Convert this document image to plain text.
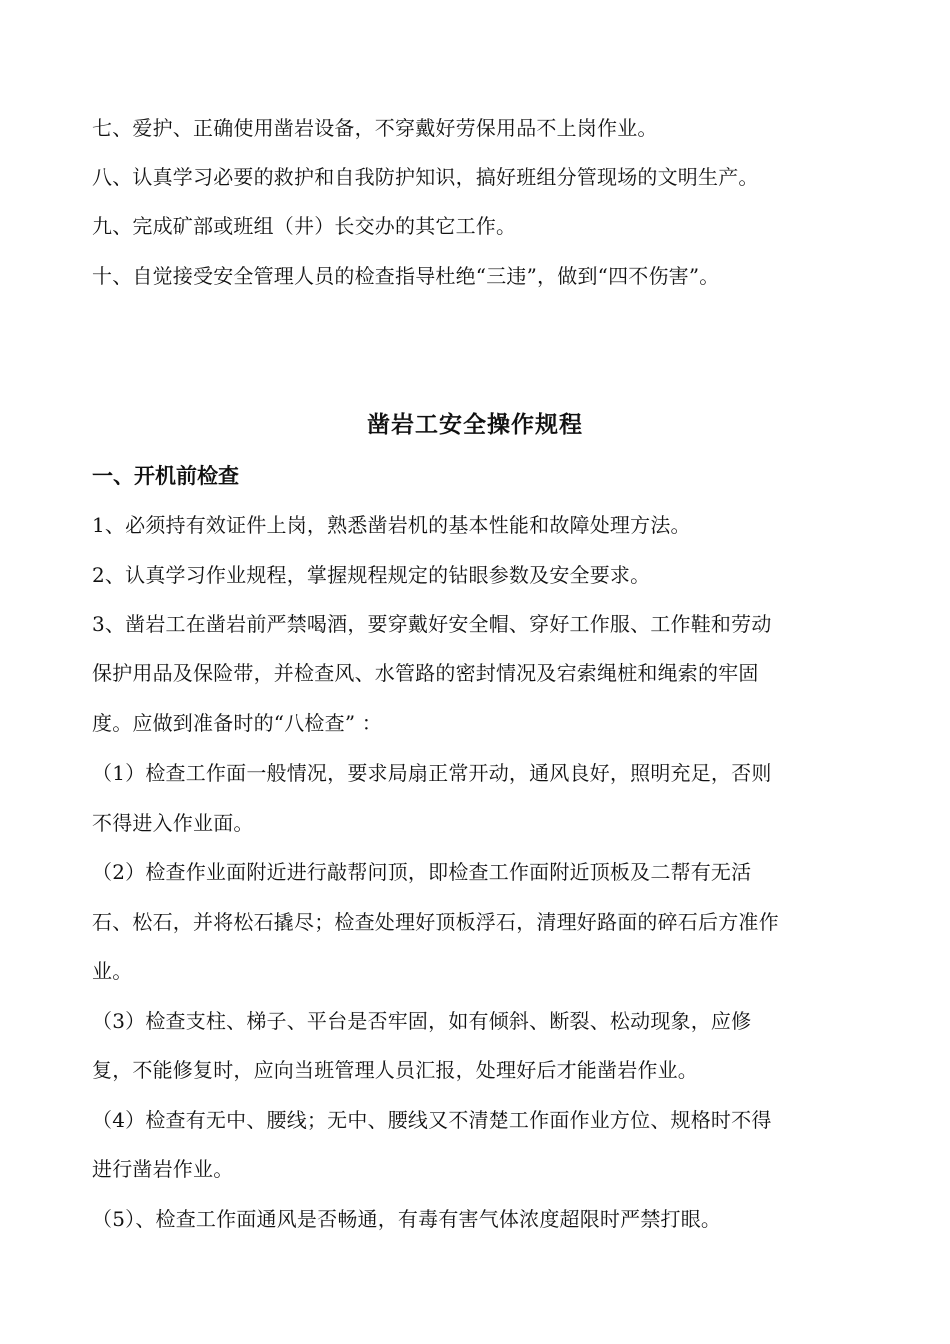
七、爱护、正确使用凿岩设备，不穿戴好劳保用品不上岗作业。
八、认真学习必要的救护和自我防护知识，搞好班组分管现场的文明生产。
九、完成矿部或班组（井）长交办的其它工作。
十、自觉接受安全管理人员的检查指导杜绝“三违”，做到“四不伤害”。
凿岩工安全操作规程
一、开机前检查
1、必须持有效证件上岗，熟悉凿岩机的基本性能和故障处理方法。
2、认真学习作业规程，掌握规程规定的钻眼参数及安全要求。
3、凿岩工在凿岩前严禁喝酒，要穿戴好安全帽、穿好工作服、工作鞋和劳动
保护用品及保险带，并检查风、水管路的密封情况及宕索绳桩和绳索的牢固
度。应做到准备时的“八检查” ：
（1）检查工作面一般情况，要求局扇正常开动，通风良好，照明充足，否则
不得进入作业面。
（2）检查作业面附近进行敲帮问顶，即检查工作面附近顶板及二帮有无活
石、松石，并将松石撬尽；检查处理好顶板浮石，清理好路面的碎石后方准作
业。
（3）检查支柱、梯子、平台是否牢固，如有倾斜、断裂、松动现象，应修
复，不能修复时，应向当班管理人员汇报，处理好后才能凿岩作业。
（4）检查有无中、腰线；无中、腰线又不清楚工作面作业方位、规格时不得
进行凿岩作业。
（5）、检查工作面通风是否畅通，有毒有害气体浓度超限时严禁打眼。
